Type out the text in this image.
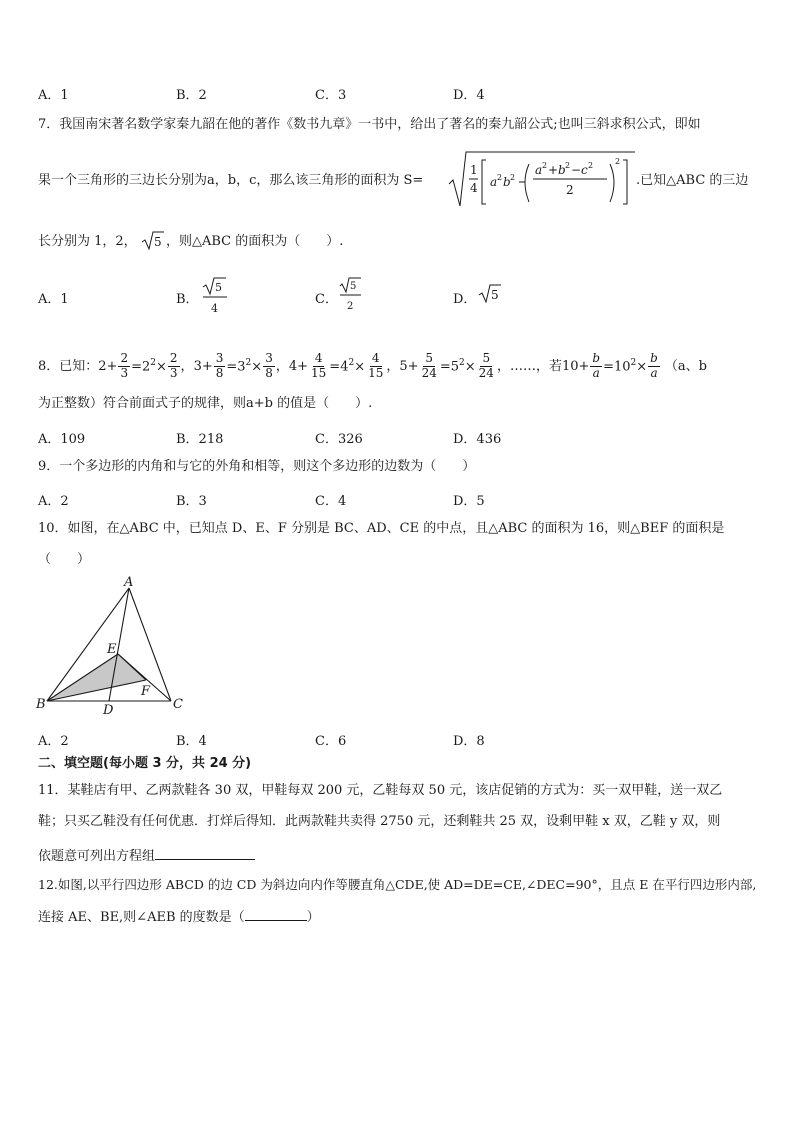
A．1	B．2	C．3	D．4
7．我国南宋著名数学家秦九韶在他的著作《数书九章》一书中，给出了著名的秦九韶公式;也叫三斜求积公式，即如
果一个三角形的三边长分别为a，b，c，那么该三角形的面积为 S=
1
4 a 2 b 2
a 2 + b 2 − c 2
2
2
.已知△ABC 的三边
长分别为 1，2， 5 ，则△ABC 的面积为（　　）.
A．1	B．
5
4
C．
5
2	D． 5
8．已知： $2+ \frac{2}{3} =2^2\times \frac{2}{3}$ ， $3+ \frac{3}{8} =3^2\times \frac{3}{8}$ ， $4+ \frac{4}{15} =4^2\times \frac{4}{15}$ ， $5+ \frac{5}{24} =5^2\times \frac{5}{24}$ ，……，若 $10+ \frac{b}{a} =10^2\times \frac{b}{a} (a$、b
为正整数）符合前面式子的规律，则a+b 的值是（　　）.
A．109	B．218	C．326	D．436
9．一个多边形的内角和与它的外角和相等，则这个多边形的边数为（　　）
A．2	B．3	C．4	D．5
10．如图，在△ABC 中，已知点 D、E、F 分别是 BC、AD、CE 的中点，且△ABC 的面积为 16，则△BEF 的面积是
（　　）
A
B	C
D
E
F
A．2	B．4	C．6	D．8
二、填空题(每小题 3 分，共 24 分)
11．某鞋店有甲、乙两款鞋各 30 双，甲鞋每双 200 元，乙鞋每双 50 元，该店促销的方式为：买一双甲鞋，送一双乙
鞋；只买乙鞋没有任何优惠．打烊后得知．此两款鞋共卖得 2750 元，还剩鞋共 25 双，设剩甲鞋 x 双，乙鞋 y 双，则
依题意可列出方程组
12.如图,以平行四边形 ABCD 的边 CD 为斜边向内作等腰直角△CDE,使 AD=DE=CE,∠DEC=90°，且点 E 在平行四边形内部,
连接 AE、BE,则∠AEB 的度数是（	）
